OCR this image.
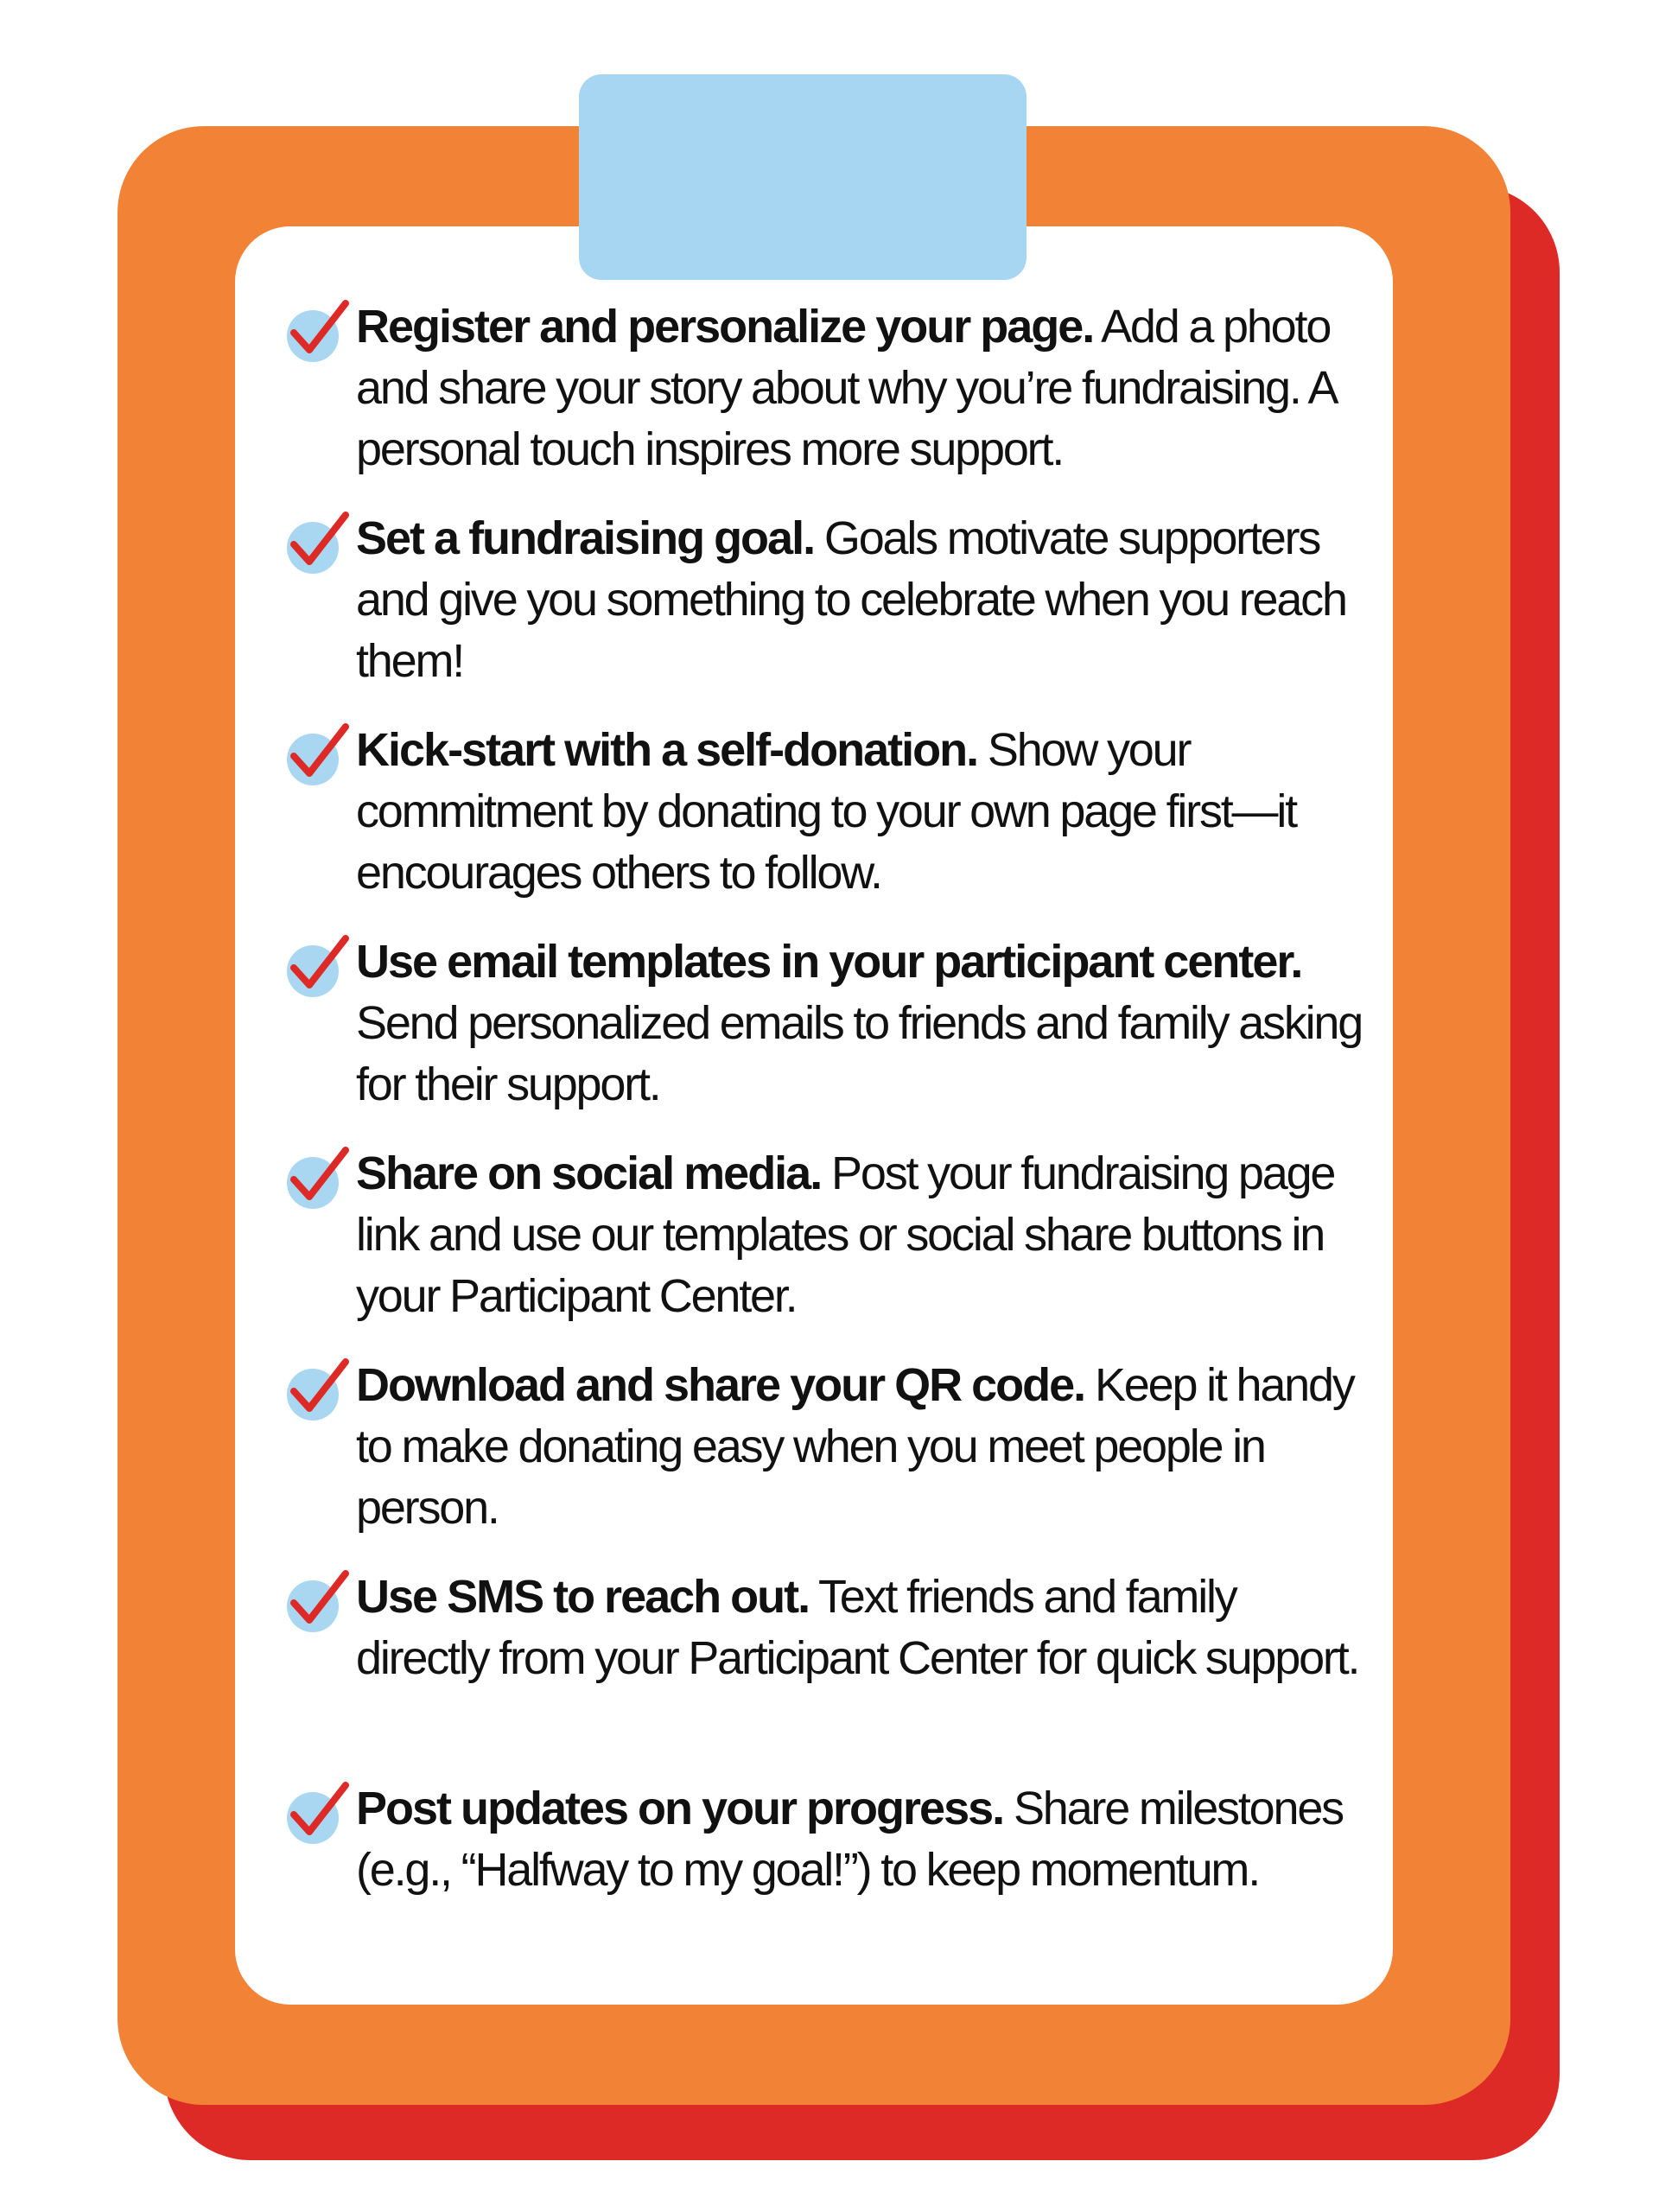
Register and personalize your page. Add a photo and share your story about why you’re fundraising. A personal touch inspires more support.
Set a fundraising goal. Goals motivate supporters and give you something to celebrate when you reach them!
Kick-start with a self-donation. Show your commitment by donating to your own page first—it encourages others to follow.
Use email templates in your participant center. Send personalized emails to friends and family asking for their support.
Share on social media. Post your fundraising page link and use our templates or social share buttons in your Participant Center.
Download and share your QR code. Keep it handy to make donating easy when you meet people in person.
Use SMS to reach out. Text friends and family directly from your Participant Center for quick support.
Post updates on your progress. Share milestones (e.g., “Halfway to my goal!”) to keep momentum.
